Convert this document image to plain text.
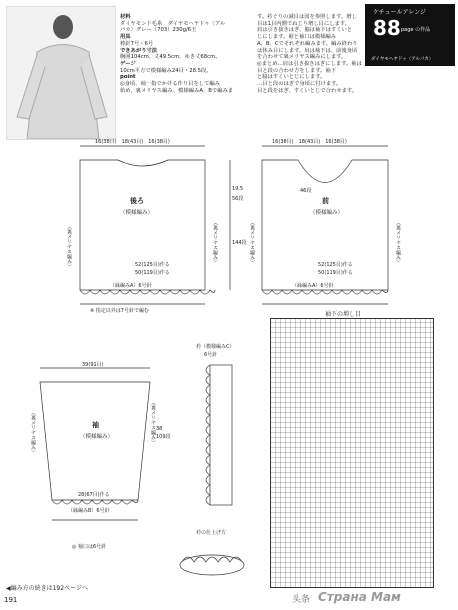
材料
ダイヤモンド毛糸　ダイヤモヘヤドゥ〈アル
パカ〉グレー（703）230g/6玉
用具
棒針7号・6号
できあがり寸法
胸囲104cm、丈49.5cm、ゆき丈68cm。
ゲージ
10cm平方で模様編み24目・28.5段。
point
◎身頃、袖一指でかける作り目をして編み
始め、裏メリヤス編み、模様編みA、Bで編みま
す。衿ぐりの減目は図を参照します。増し
目は1目内側でねじり増し目にします。
肩は引き抜きはぎ、脇は袖下はすくいと
じにします。裾と袖口は模様編み
A、B、Cでそれぞれ編みます。編み終わり
は休み目にします。肩は袖下は、前後身頃
を合わせて裏メリヤス編みにします。
◎まとめ…肩は引き抜きはぎにします。袖は
目と段の合わせ方をします。袖下
と脇はすくいとじにします。
…目と段のはぎで身頃に付けます。
目と段をはぎ、すくいとじで合わせます。
ケチュールアレンジ
88 page の作品
ダイヤモヘヤドゥ〈アルパカ〉
後ろ
（模様編み）
前
（模様編み）
16(38目)　18(43目)　16(38目)	16(38目)　18(43目)　16(38目)
52(125目)作る
50(119目)作る
52(125目)作る
50(119目)作る
（縁編みA）6号針	（縁編みA）6号針
19.5
56段
144段
46段
（裏メリヤス編み）	（裏メリヤス編み）	（裏メリヤス編み）	（裏メリヤス編み）
※ 指定以外は7号針で編む
39(91目)
袖
（模様編み）
28(67目)作る
（縁編みB）6号針
38
109段
（裏メリヤス編み）	（裏メリヤス編み）
◎ 袖口は6号針
衿（模様編みC）
6号針
衿の仕上げ方
袖下の増し目
◀編み方の続きは192ページへ
191	头条 Страна Мам
